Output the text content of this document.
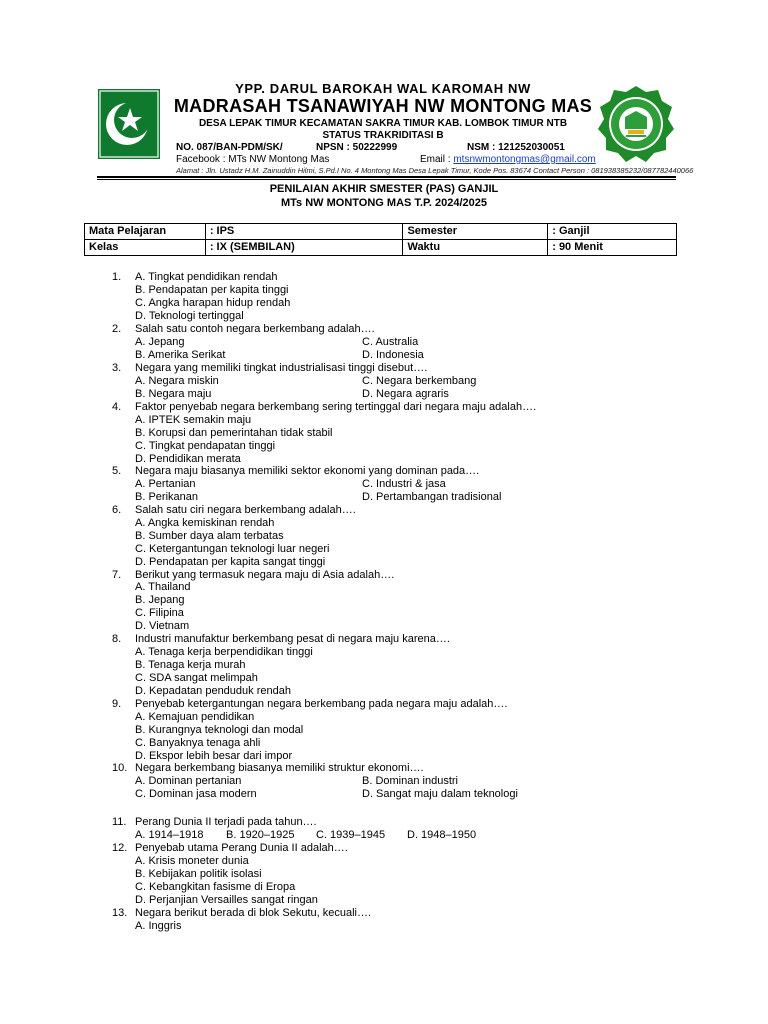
YPP. DARUL BAROKAH WAL KAROMAH NW
MADRASAH TSANAWIYAH NW MONTONG MAS
DESA LEPAK TIMUR KECAMATAN SAKRA TIMUR KAB. LOMBOK TIMUR NTB
STATUS TRAKRIDITASI B
NO. 087/BAN-PDM/SK/	NPSN : 50222999	NSM : 121252030051
Facebook : MTs NW Montong Mas	Email : mtsnwmontongmas@gmail.com
Alamat : Jln. Ustadz H.M. Zainuddin Hilmi, S.Pd.I No. 4 Montong Mas Desa Lepak Timur, Kode Pos. 83674 Contact Person : 081938385232/087782440066
PENILAIAN AKHIR SMESTER (PAS) GANJIL
MTs NW MONTONG MAS T.P. 2024/2025
Mata Pelajaran	: IPS	Semester	: Ganjil
Kelas	: IX (SEMBILAN)	Waktu	: 90 Menit
1.	A. Tingkat pendidikan rendah
B. Pendapatan per kapita tinggi
C. Angka harapan hidup rendah
D. Teknologi tertinggal
2.	Salah satu contoh negara berkembang adalah….
A. Jepang	C. Australia
B. Amerika Serikat	D. Indonesia
3.	Negara yang memiliki tingkat industrialisasi tinggi disebut….
A. Negara miskin	C. Negara berkembang
B. Negara maju	D. Negara agraris
4.	Faktor penyebab negara berkembang sering tertinggal dari negara maju adalah….
A. IPTEK semakin maju
B. Korupsi dan pemerintahan tidak stabil
C. Tingkat pendapatan tinggi
D. Pendidikan merata
5.	Negara maju biasanya memiliki sektor ekonomi yang dominan pada….
A. Pertanian	C. Industri & jasa
B. Perikanan	D. Pertambangan tradisional
6.	Salah satu ciri negara berkembang adalah….
A. Angka kemiskinan rendah
B. Sumber daya alam terbatas
C. Ketergantungan teknologi luar negeri
D. Pendapatan per kapita sangat tinggi
7.	Berikut yang termasuk negara maju di Asia adalah….
A. Thailand
B. Jepang
C. Filipina
D. Vietnam
8.	Industri manufaktur berkembang pesat di negara maju karena….
A. Tenaga kerja berpendidikan tinggi
B. Tenaga kerja murah
C. SDA sangat melimpah
D. Kepadatan penduduk rendah
9.	Penyebab ketergantungan negara berkembang pada negara maju adalah….
A. Kemajuan pendidikan
B. Kurangnya teknologi dan modal
C. Banyaknya tenaga ahli
D. Ekspor lebih besar dari impor
10. Negara berkembang biasanya memiliki struktur ekonomi….
A. Dominan pertanian	B. Dominan industri
C. Dominan jasa modern	D. Sangat maju dalam teknologi
11. Perang Dunia II terjadi pada tahun….
A. 1914–1918 B. 1920–1925 C. 1939–1945 D. 1948–1950
12. Penyebab utama Perang Dunia II adalah….
A. Krisis moneter dunia
B. Kebijakan politik isolasi
C. Kebangkitan fasisme di Eropa
D. Perjanjian Versailles sangat ringan
13. Negara berikut berada di blok Sekutu, kecuali….
A. Inggris
